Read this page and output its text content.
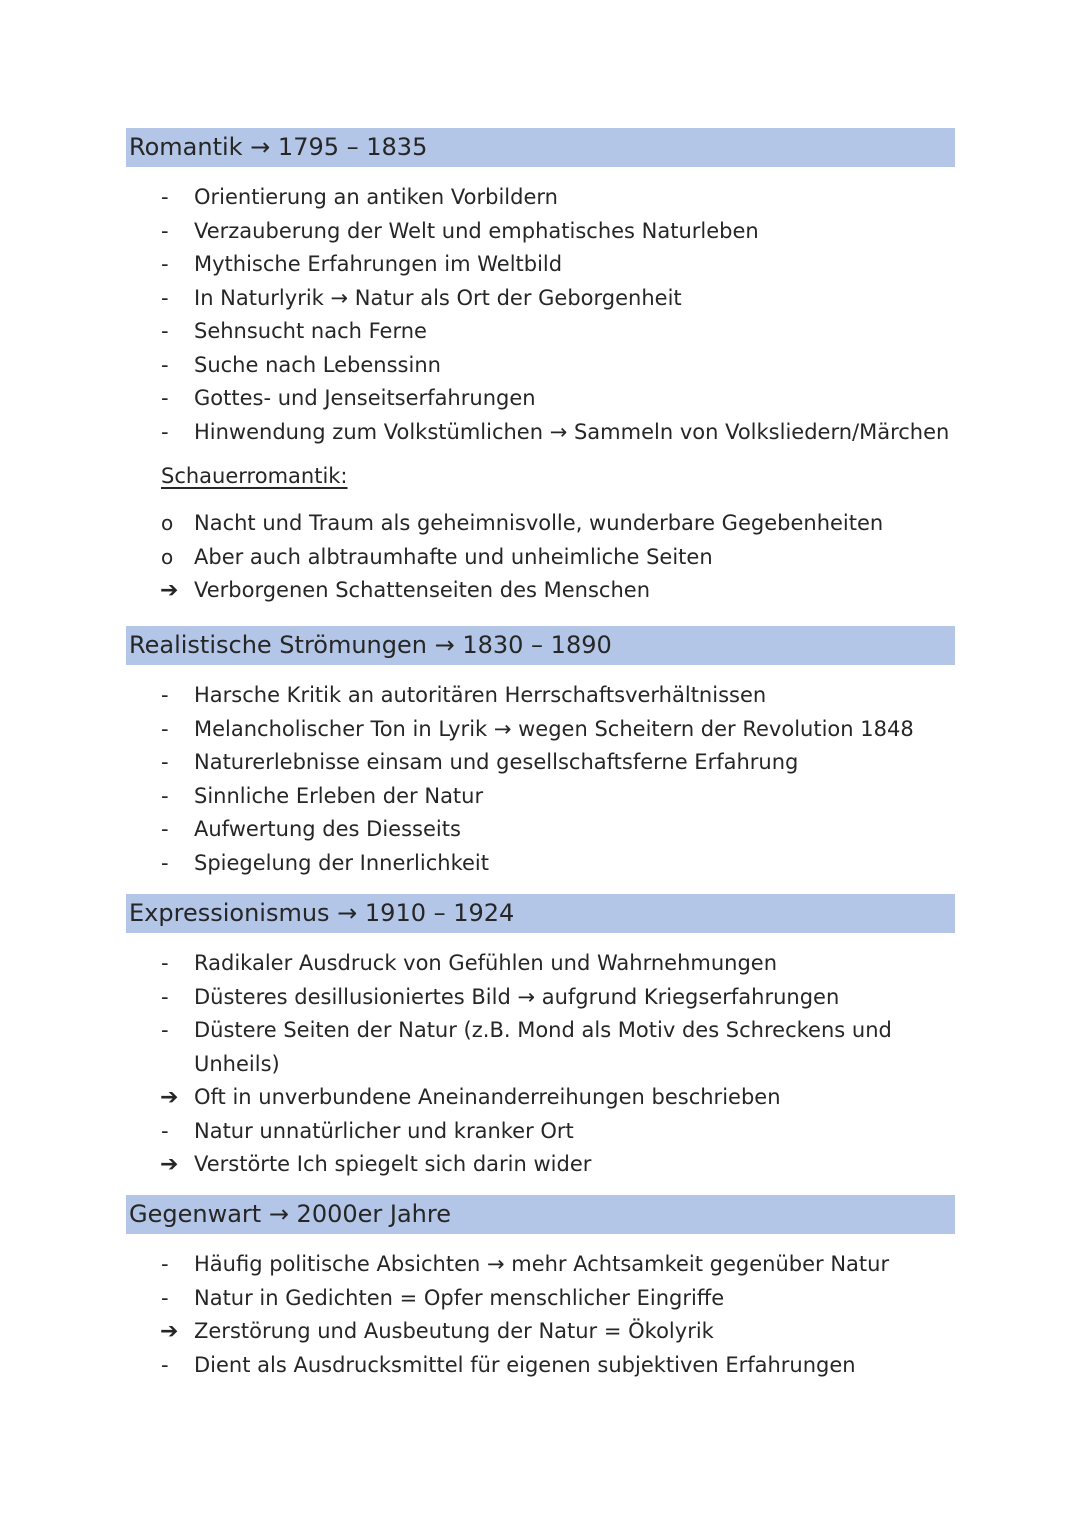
Romantik → 1795 – 1835
-	Orientierung an antiken Vorbildern
-	Verzauberung der Welt und emphatisches Naturleben
-	Mythische Erfahrungen im Weltbild
-	In Naturlyrik → Natur als Ort der Geborgenheit
-	Sehnsucht nach Ferne
-	Suche nach Lebenssinn
-	Gottes- und Jenseitserfahrungen
-	Hinwendung zum Volkstümlichen → Sammeln von Volksliedern/Märchen
Schauerromantik:
o Nacht und Traum als geheimnisvolle, wunderbare Gegebenheiten
o Aber auch albtraumhafte und unheimliche Seiten
➔ Verborgenen Schattenseiten des Menschen
Realistische Strömungen → 1830 – 1890
-	Harsche Kritik an autoritären Herrschaftsverhältnissen
-	Melancholischer Ton in Lyrik → wegen Scheitern der Revolution 1848
-	Naturerlebnisse einsam und gesellschaftsferne Erfahrung
-	Sinnliche Erleben der Natur
-	Aufwertung des Diesseits
-	Spiegelung der Innerlichkeit
Expressionismus → 1910 – 1924
-	Radikaler Ausdruck von Gefühlen und Wahrnehmungen
-	Düsteres desillusioniertes Bild → aufgrund Kriegserfahrungen
-	Düstere Seiten der Natur (z.B. Mond als Motiv des Schreckens und Unheils)
➔ Oft in unverbundene Aneinanderreihungen beschrieben
-	Natur unnatürlicher und kranker Ort
➔ Verstörte Ich spiegelt sich darin wider
Gegenwart → 2000er Jahre
-	Häufig politische Absichten → mehr Achtsamkeit gegenüber Natur
-	Natur in Gedichten = Opfer menschlicher Eingriffe
➔ Zerstörung und Ausbeutung der Natur = Ökolyrik
-	Dient als Ausdrucksmittel für eigenen subjektiven Erfahrungen
